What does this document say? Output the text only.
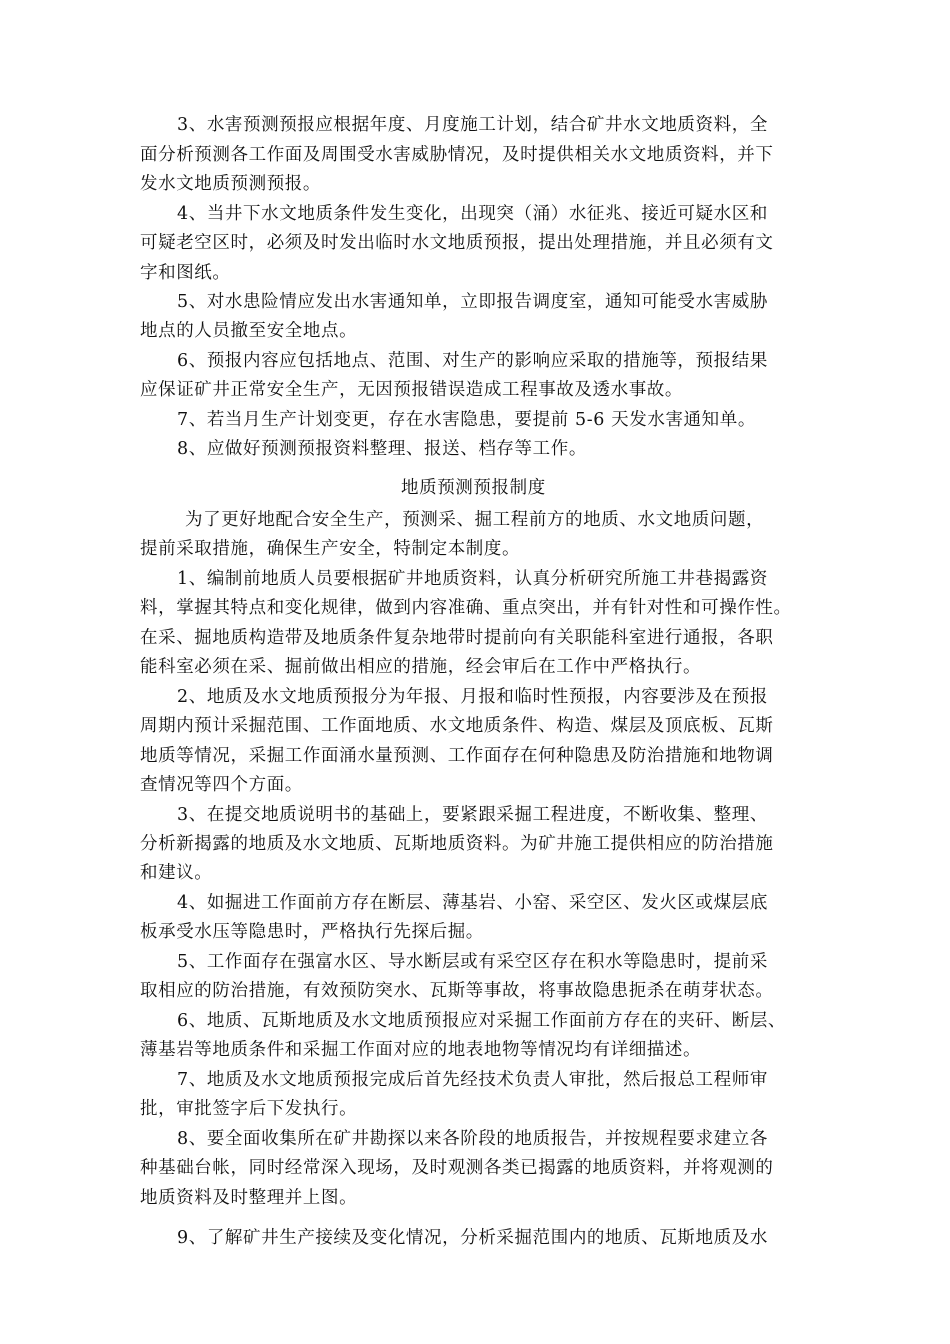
3、水害预测预报应根据年度、月度施工计划，结合矿井水文地质资料，全
面分析预测各工作面及周围受水害威胁情况，及时提供相关水文地质资料，并下
发水文地质预测预报。
4、当井下水文地质条件发生变化，出现突（涌）水征兆、接近可疑水区和
可疑老空区时，必须及时发出临时水文地质预报，提出处理措施，并且必须有文
字和图纸。
5、对水患险情应发出水害通知单，立即报告调度室，通知可能受水害威胁
地点的人员撤至安全地点。
6、预报内容应包括地点、范围、对生产的影响应采取的措施等，预报结果
应保证矿井正常安全生产，无因预报错误造成工程事故及透水事故。
7、若当月生产计划变更，存在水害隐患，要提前 5-6 天发水害通知单。
8、应做好预测预报资料整理、报送、档存等工作。
地质预测预报制度
为了更好地配合安全生产，预测采、掘工程前方的地质、水文地质问题，
提前采取措施，确保生产安全，特制定本制度。
1、编制前地质人员要根据矿井地质资料，认真分析研究所施工井巷揭露资
料，掌握其特点和变化规律，做到内容准确、重点突出，并有针对性和可操作性。
在采、掘地质构造带及地质条件复杂地带时提前向有关职能科室进行通报，各职
能科室必须在采、掘前做出相应的措施，经会审后在工作中严格执行。
2、地质及水文地质预报分为年报、月报和临时性预报，内容要涉及在预报
周期内预计采掘范围、工作面地质、水文地质条件、构造、煤层及顶底板、瓦斯
地质等情况，采掘工作面涌水量预测、工作面存在何种隐患及防治措施和地物调
查情况等四个方面。
3、在提交地质说明书的基础上，要紧跟采掘工程进度，不断收集、整理、
分析新揭露的地质及水文地质、瓦斯地质资料。为矿井施工提供相应的防治措施
和建议。
4、如掘进工作面前方存在断层、薄基岩、小窑、采空区、发火区或煤层底
板承受水压等隐患时，严格执行先探后掘。
5、工作面存在强富水区、导水断层或有采空区存在积水等隐患时，提前采
取相应的防治措施，有效预防突水、瓦斯等事故，将事故隐患扼杀在萌芽状态。
6、地质、瓦斯地质及水文地质预报应对采掘工作面前方存在的夹矸、断层、
薄基岩等地质条件和采掘工作面对应的地表地物等情况均有详细描述。
7、地质及水文地质预报完成后首先经技术负责人审批，然后报总工程师审
批，审批签字后下发执行。
8、要全面收集所在矿井勘探以来各阶段的地质报告，并按规程要求建立各
种基础台帐，同时经常深入现场，及时观测各类已揭露的地质资料，并将观测的
地质资料及时整理并上图。
9、了解矿井生产接续及变化情况，分析采掘范围内的地质、瓦斯地质及水
